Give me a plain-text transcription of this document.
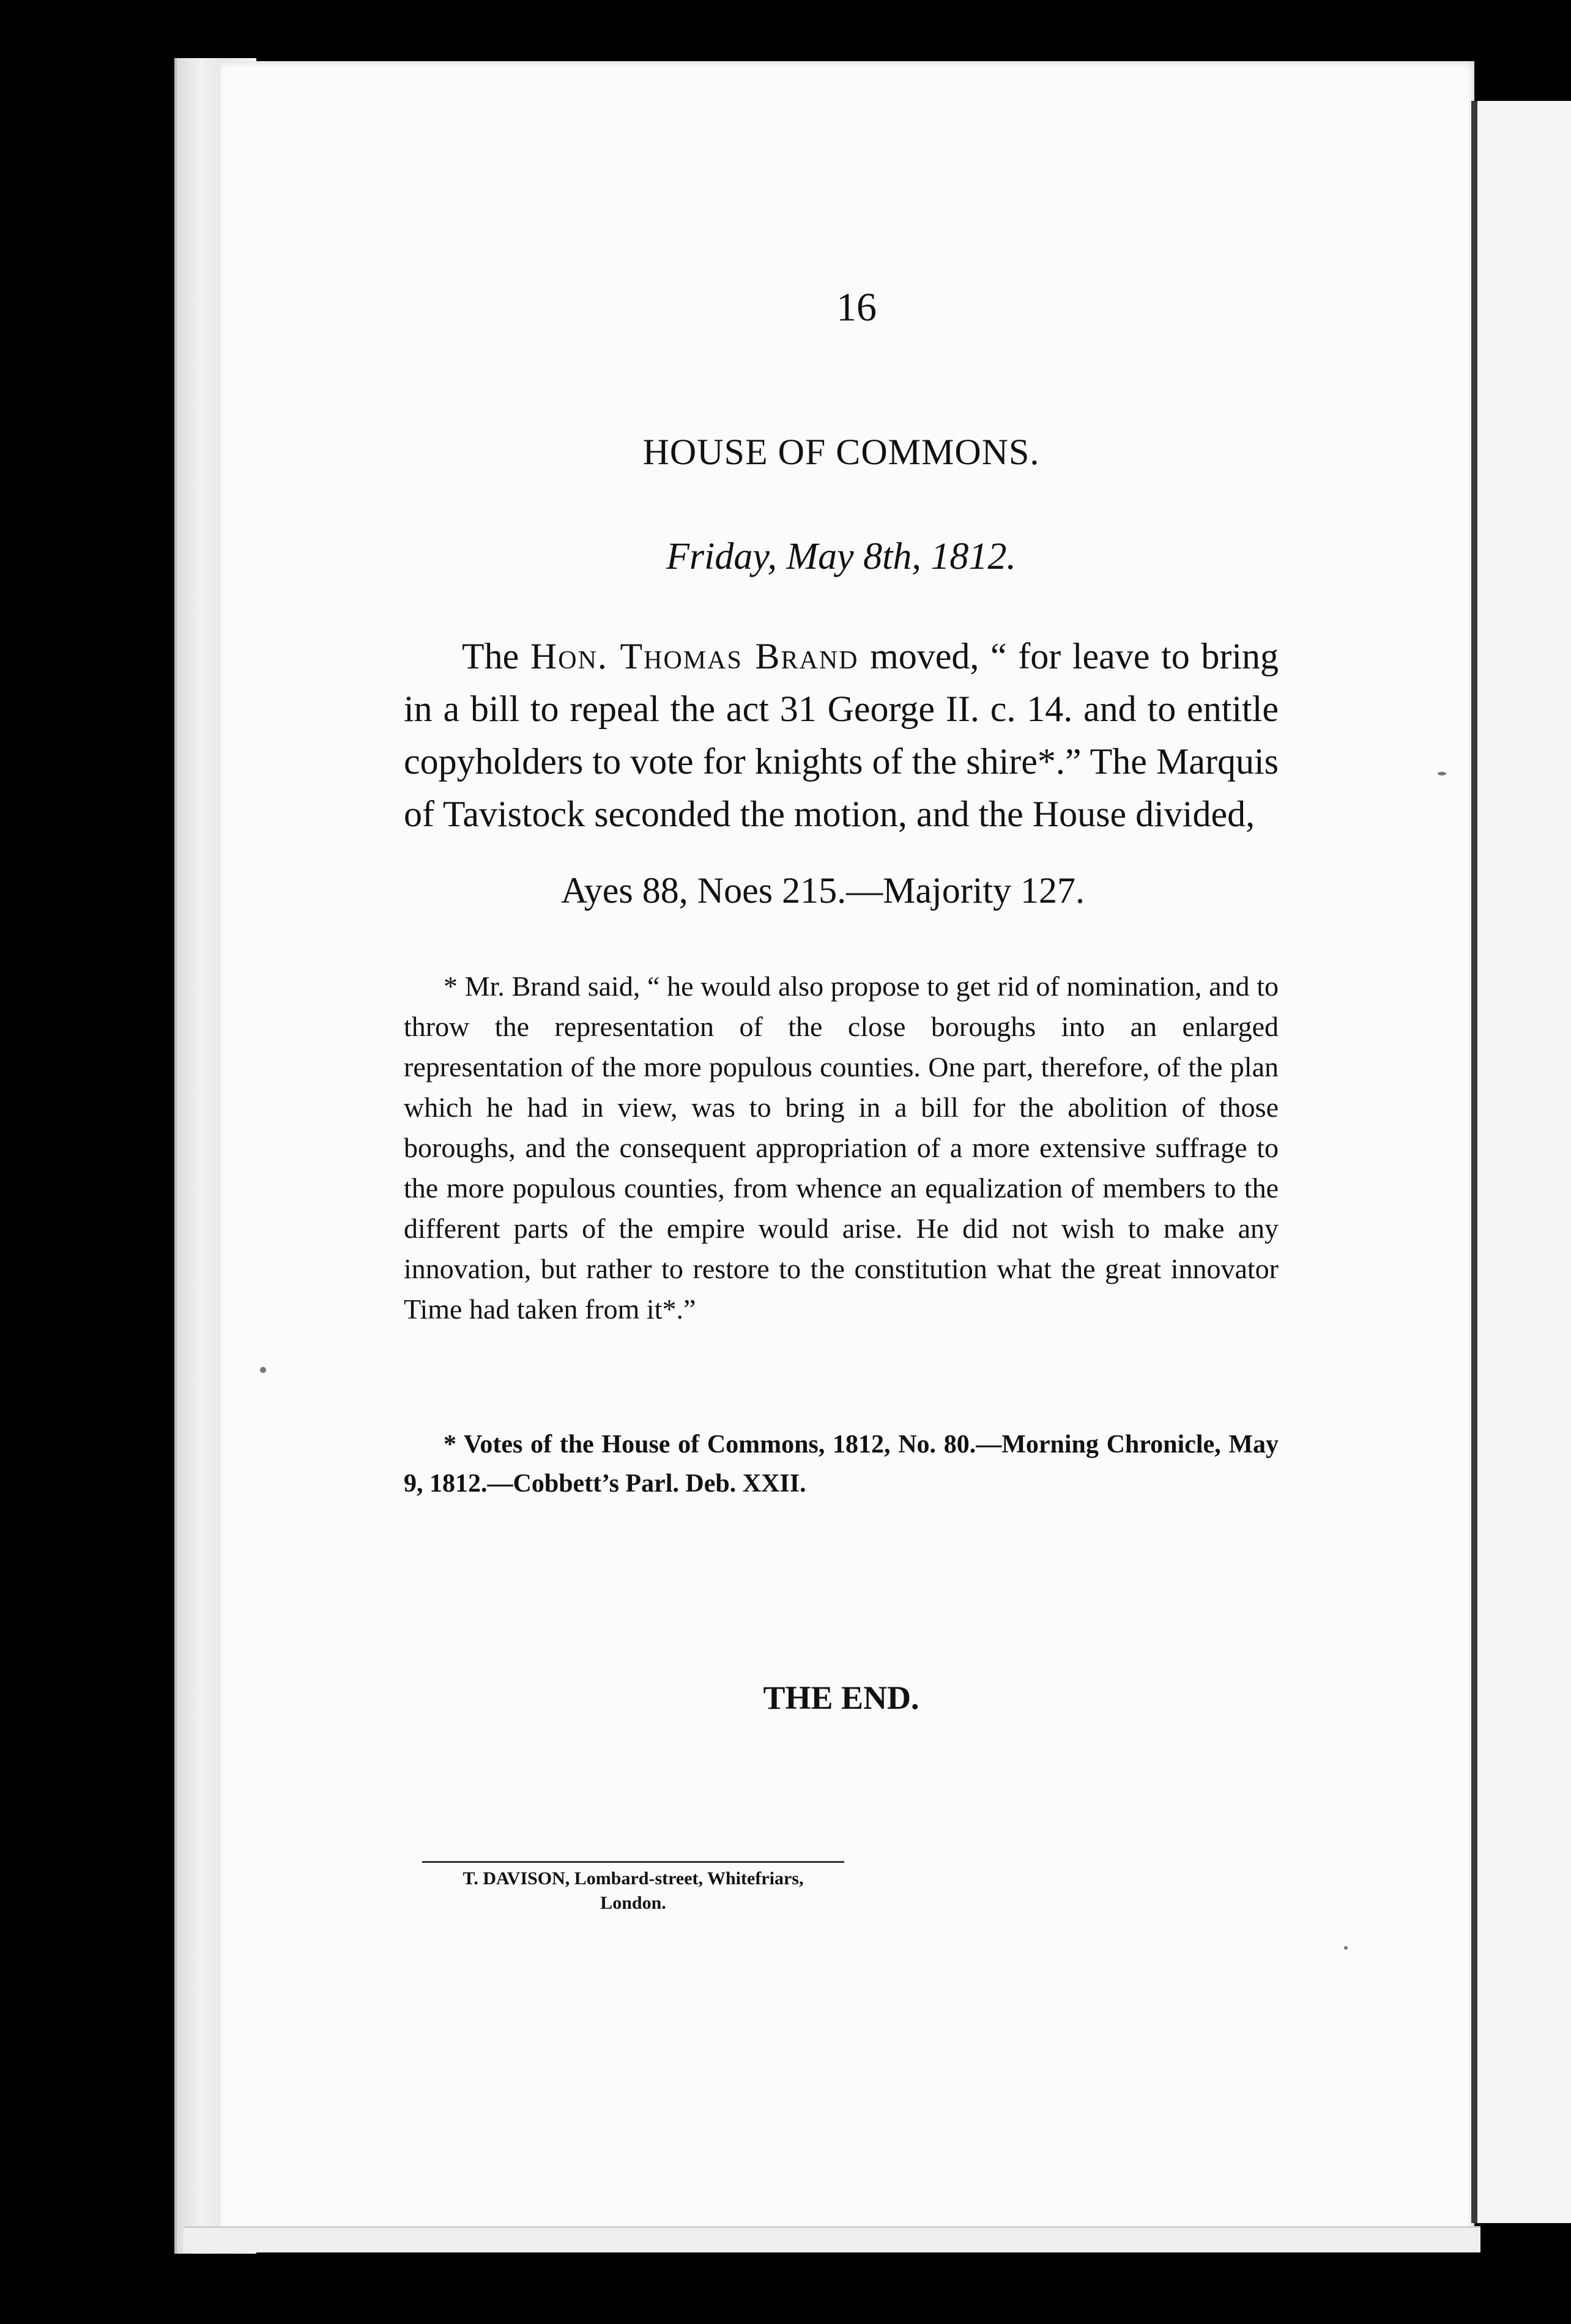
16
HOUSE OF COMMONS.
Friday, May 8th, 1812.

The Hon. Thomas Brand moved, “ for leave to bring in a bill to repeal the act 31 George II. c. 14. and to entitle copyholders to vote for knights of the shire*.” The Marquis of Tavistock seconded the motion, and the House divided,

Ayes 88, Noes 215.—Majority 127.

* Mr. Brand said, “ he would also propose to get rid of nomination, and to throw the representation of the close boroughs into an enlarged representation of the more populous counties. One part, therefore, of the plan which he had in view, was to bring in a bill for the abolition of those boroughs, and the consequent appropriation of a more extensive suffrage to the more populous counties, from whence an equalization of members to the different parts of the empire would arise. He did not wish to make any innovation, but rather to restore to the constitution what the great innovator Time had taken from it*.”

* Votes of the House of Commons, 1812, No. 80.—Morning Chronicle, May 9, 1812.—Cobbett’s Parl. Deb. XXII.

THE END.
T. DAVISON, Lombard-street, Whitefriars,
London.
